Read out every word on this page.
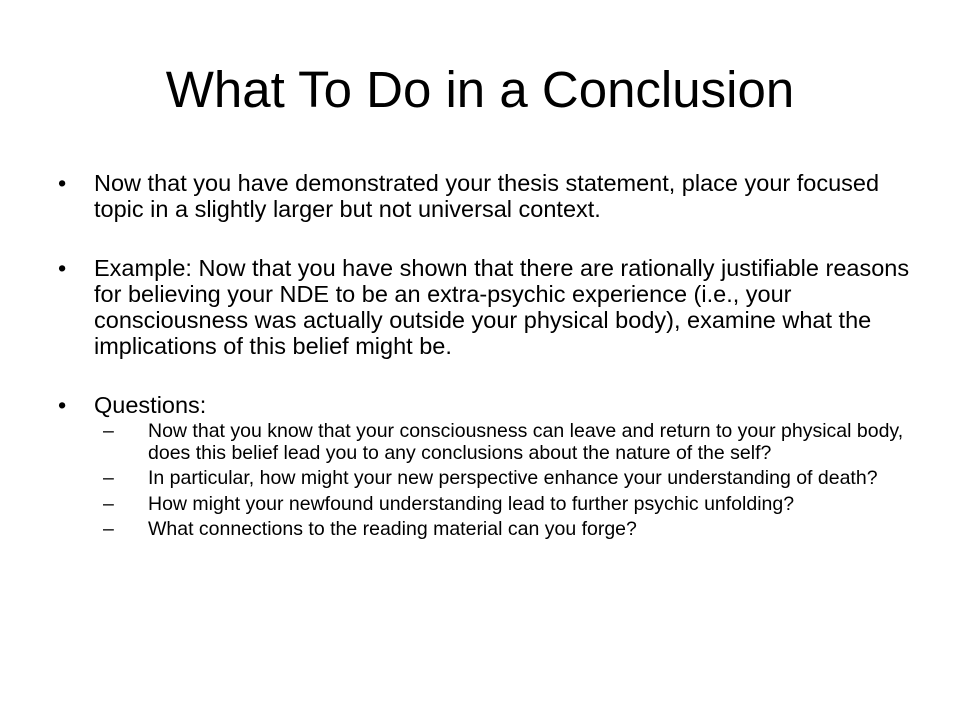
What To Do in a Conclusion
• Now that you have demonstrated your thesis statement, place your focused topic in a slightly larger but not universal context.
• Example: Now that you have shown that there are rationally justifiable reasons for believing your NDE to be an extra-psychic experience (i.e., your consciousness was actually outside your physical body), examine what the implications of this belief might be.
• Questions:
– Now that you know that your consciousness can leave and return to your physical body, does this belief lead you to any conclusions about the nature of the self?
– In particular, how might your new perspective enhance your understanding of death?
– How might your newfound understanding lead to further psychic unfolding?
– What connections to the reading material can you forge?
